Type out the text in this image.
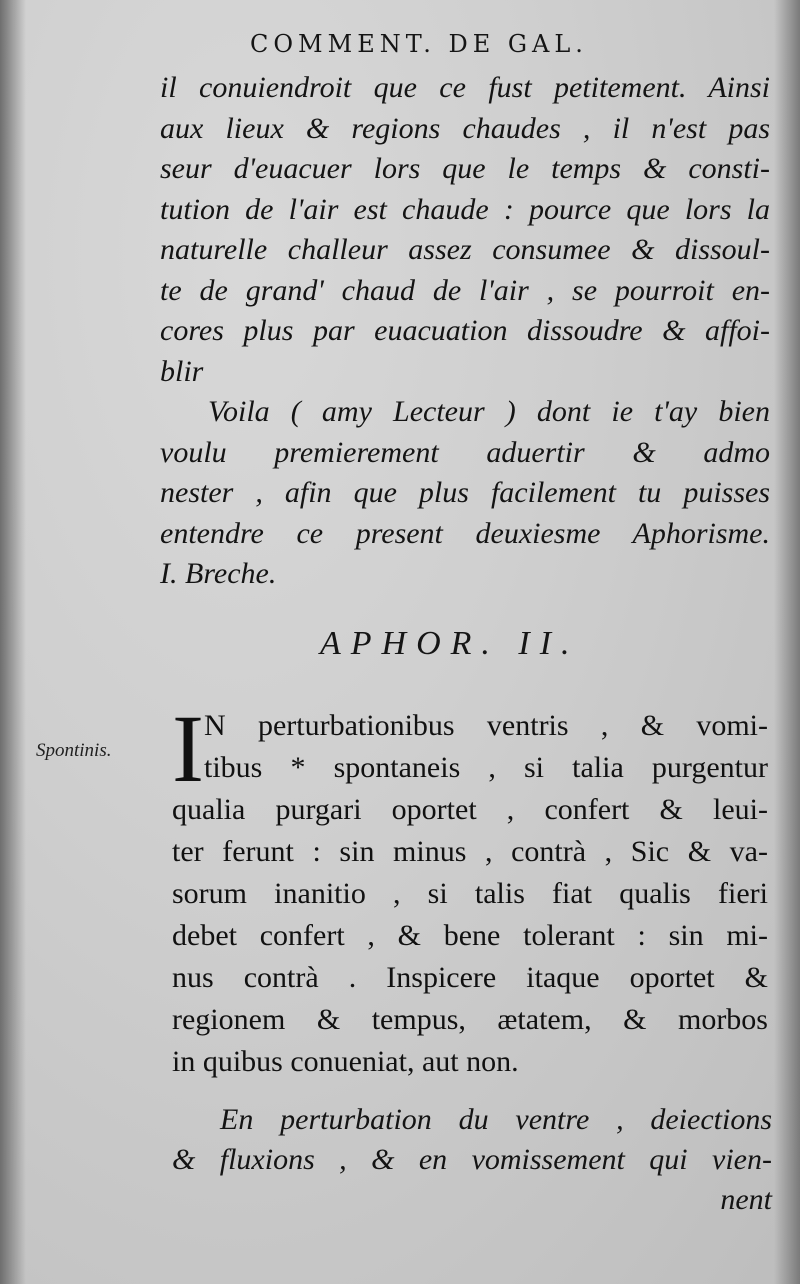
COMMENT. DE GAL.
il conuiendroit que ce fust petitement. Ainsi
aux lieux & regions chaudes , il n'est pas
seur d'euacuer lors que le temps & consti-
tution de l'air est chaude : pource que lors la
naturelle challeur assez consumee & dissoul-
te de grand' chaud de l'air , se pourroit en-
cores plus par euacuation dissoudre & affoi-
blir
Voila ( amy Lecteur ) dont ie t'ay bien
voulu premierement aduertir & admo
nester , afin que plus facilement tu puisses
entendre ce present deuxiesme Aphorisme.
I. Breche.
APHOR. II.
Spontinis. I N perturbationibus ventris , & vomi-
tibus * spontaneis , si talia purgentur
qualia purgari oportet , confert & leui-
ter ferunt : sin minus , contrà , Sic & va-
sorum inanitio , si talis fiat qualis fieri
debet confert , & bene tolerant : sin mi-
nus contrà . Inspicere itaque oportet &
regionem & tempus, ætatem, & morbos
in quibus conueniat, aut non.
En perturbation du ventre , deiections
& fluxions , & en vomissement qui vien-
nent
